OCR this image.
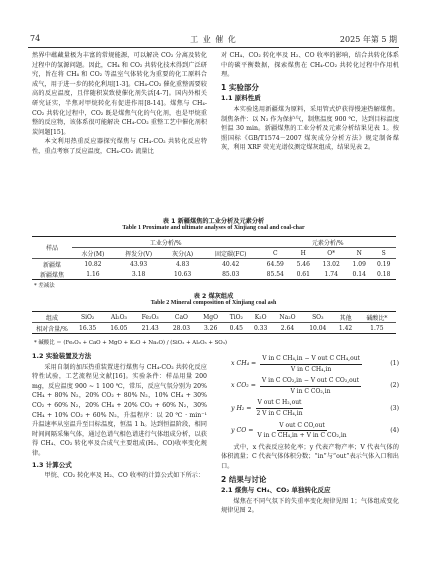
74	工 业 催 化	2025 年第 5 期

然界中蕴藏量极为丰富的常规能源，可以解决 CO₂ 分离及转化过程中的氢源问题。因此，CH₄ 和 CO₂ 共转化技术得到广泛研究，旨在将 CH₄ 和 CO₂ 等温室气体转化为重要的化工原料合成气，用于进一步的转化利用[1-3]。CH₄-CO₂ 催化重整需要较高的反应温度，且伴随积炭致使催化剂失活[4-7]。国内外相关研究证实，半焦对甲烷转化有促进作用[8-14]。煤焦与 CH₄-CO₂ 共转化过程中，CO₂ 既是煤焦气化的气化剂，也是甲烷重整的反应物，该体系很可能解决 CH₄-CO₂ 重整工艺中催化剂积炭问题[15]。

本文利用热重反应器探究煤焦与 CH₄-CO₂ 共转化反应特性，重点考察了反应温度，CH₄-CO₂ 流量比

对 CH₄、CO₂ 转化率及 H₂、CO 收率的影响，结合共转化体系中的碳平衡数据，探索煤焦在 CH₄-CO₂ 共转化过程中作用机理。

1 实验部分
1.1 原料性质

本实验选用新疆煤为原料，采用管式炉获得慢速热解煤焦。制焦条件：以 N₂ 作为保护气，制焦温度 900 ℃，达到目标温度恒温 30 min。新疆煤焦的工业分析及元素分析结果见表 1。按照国标《GB/T1574－2007 煤灰成分分析方法》规定制备煤灰，利用 XRF 荧光光谱仪测定煤灰组成，结果见表 2。

表 1 新疆煤焦的工业分析及元素分析
Table 1 Proximate and ultimate analyses of Xinjiang coal and coal-char
样品	工业分析/%				元素分析/%				
	水分(M)	挥发分(V)	灰分(A)	固定碳(FC)	C	H	O*	N	S
新疆煤	10.82	43.93	4.83	40.42	64.59	5.46	13.02	1.09	0.19
新疆煤焦	1.16	3.18	10.63	85.03	85.54	0.61	1.74	0.14	0.18
* 差减法
表 2 煤灰组成
Table 2 Mineral composition of Xinjiang coal ash
组成	SiO₂	Al₂O₃	Fe₂O₃	CaO	MgO	TiO₂	K₂O	Na₂O	SO₃	其他	碱酸比*
相对含量/%	16.35	16.05	21.43	28.03	3.26	0.45	0.33	2.64	10.04	1.42	1.75
* 碱酸比 ＝ (Fe₂O₃ + CaO + MgO + K₂O + Na₂O) / (SiO₂ + Al₂O₃ + SO₃)
1.2 实验装置及方法

采用自制的加压热重装置进行煤焦与 CH₄-CO₂ 共转化反应特性试验，工艺流程见文献[16]。实验条件：样品用量 200 mg，反应温度 900 ~ 1 100 ℃，常压，反应气氛分别为 20% CH₄ + 80% N₂，20% CO₂ + 80% N₂，10% CH₄ + 30% CO₂ + 60% N₂，20% CH₄ + 20% CO₂ + 60% N₂，30% CH₄ + 10% CO₂ + 60% N₂，升温程序：以 20 ℃ · min⁻¹ 升温速率从室温升至目标温度，恒温 1 h。达到恒温阶段，相同时间间隔采集气体，通过色谱气相色谱进行气体组成分析，以获得 CH₄、CO₂ 转化率及合成气主要组成(H₂、CO)收率变化规律。

1.3 计算公式

甲烷、CO₂ 转化率及 H₂、CO 收率的计算公式如下所示：

x $CH_4 = \frac{\text{V in C CH₄,in − V out C CH₄,out}}{\text{V in C CH₄,in}}$	(1)
x $CO_2 = \frac{\text{V in C CO₂,in − V out C CO₂,out}}{\text{V in C CO₂,in}}$	(2)
y $H_2 = \frac{\text{V out C H₂,out}}{\text{2 V in C CH₄,in}}$	(3)
y CO = $\frac{\text{V out C CO,out}}{\text{V in C CH₄,in + V in C CO₂,in}}$	(4)

式中，x 代表反应转化率；y 代表产物产率；V 代表气体的体积流量；C 代表气体体积分数；“in”与“out”表示气体入口和出口。

2 结果与讨论
2.1 煤焦与 CH₄、CO₂ 单独转化反应

煤焦在不同气氛下的失重率变化规律见图 1；气体组成变化规律见图 2。
